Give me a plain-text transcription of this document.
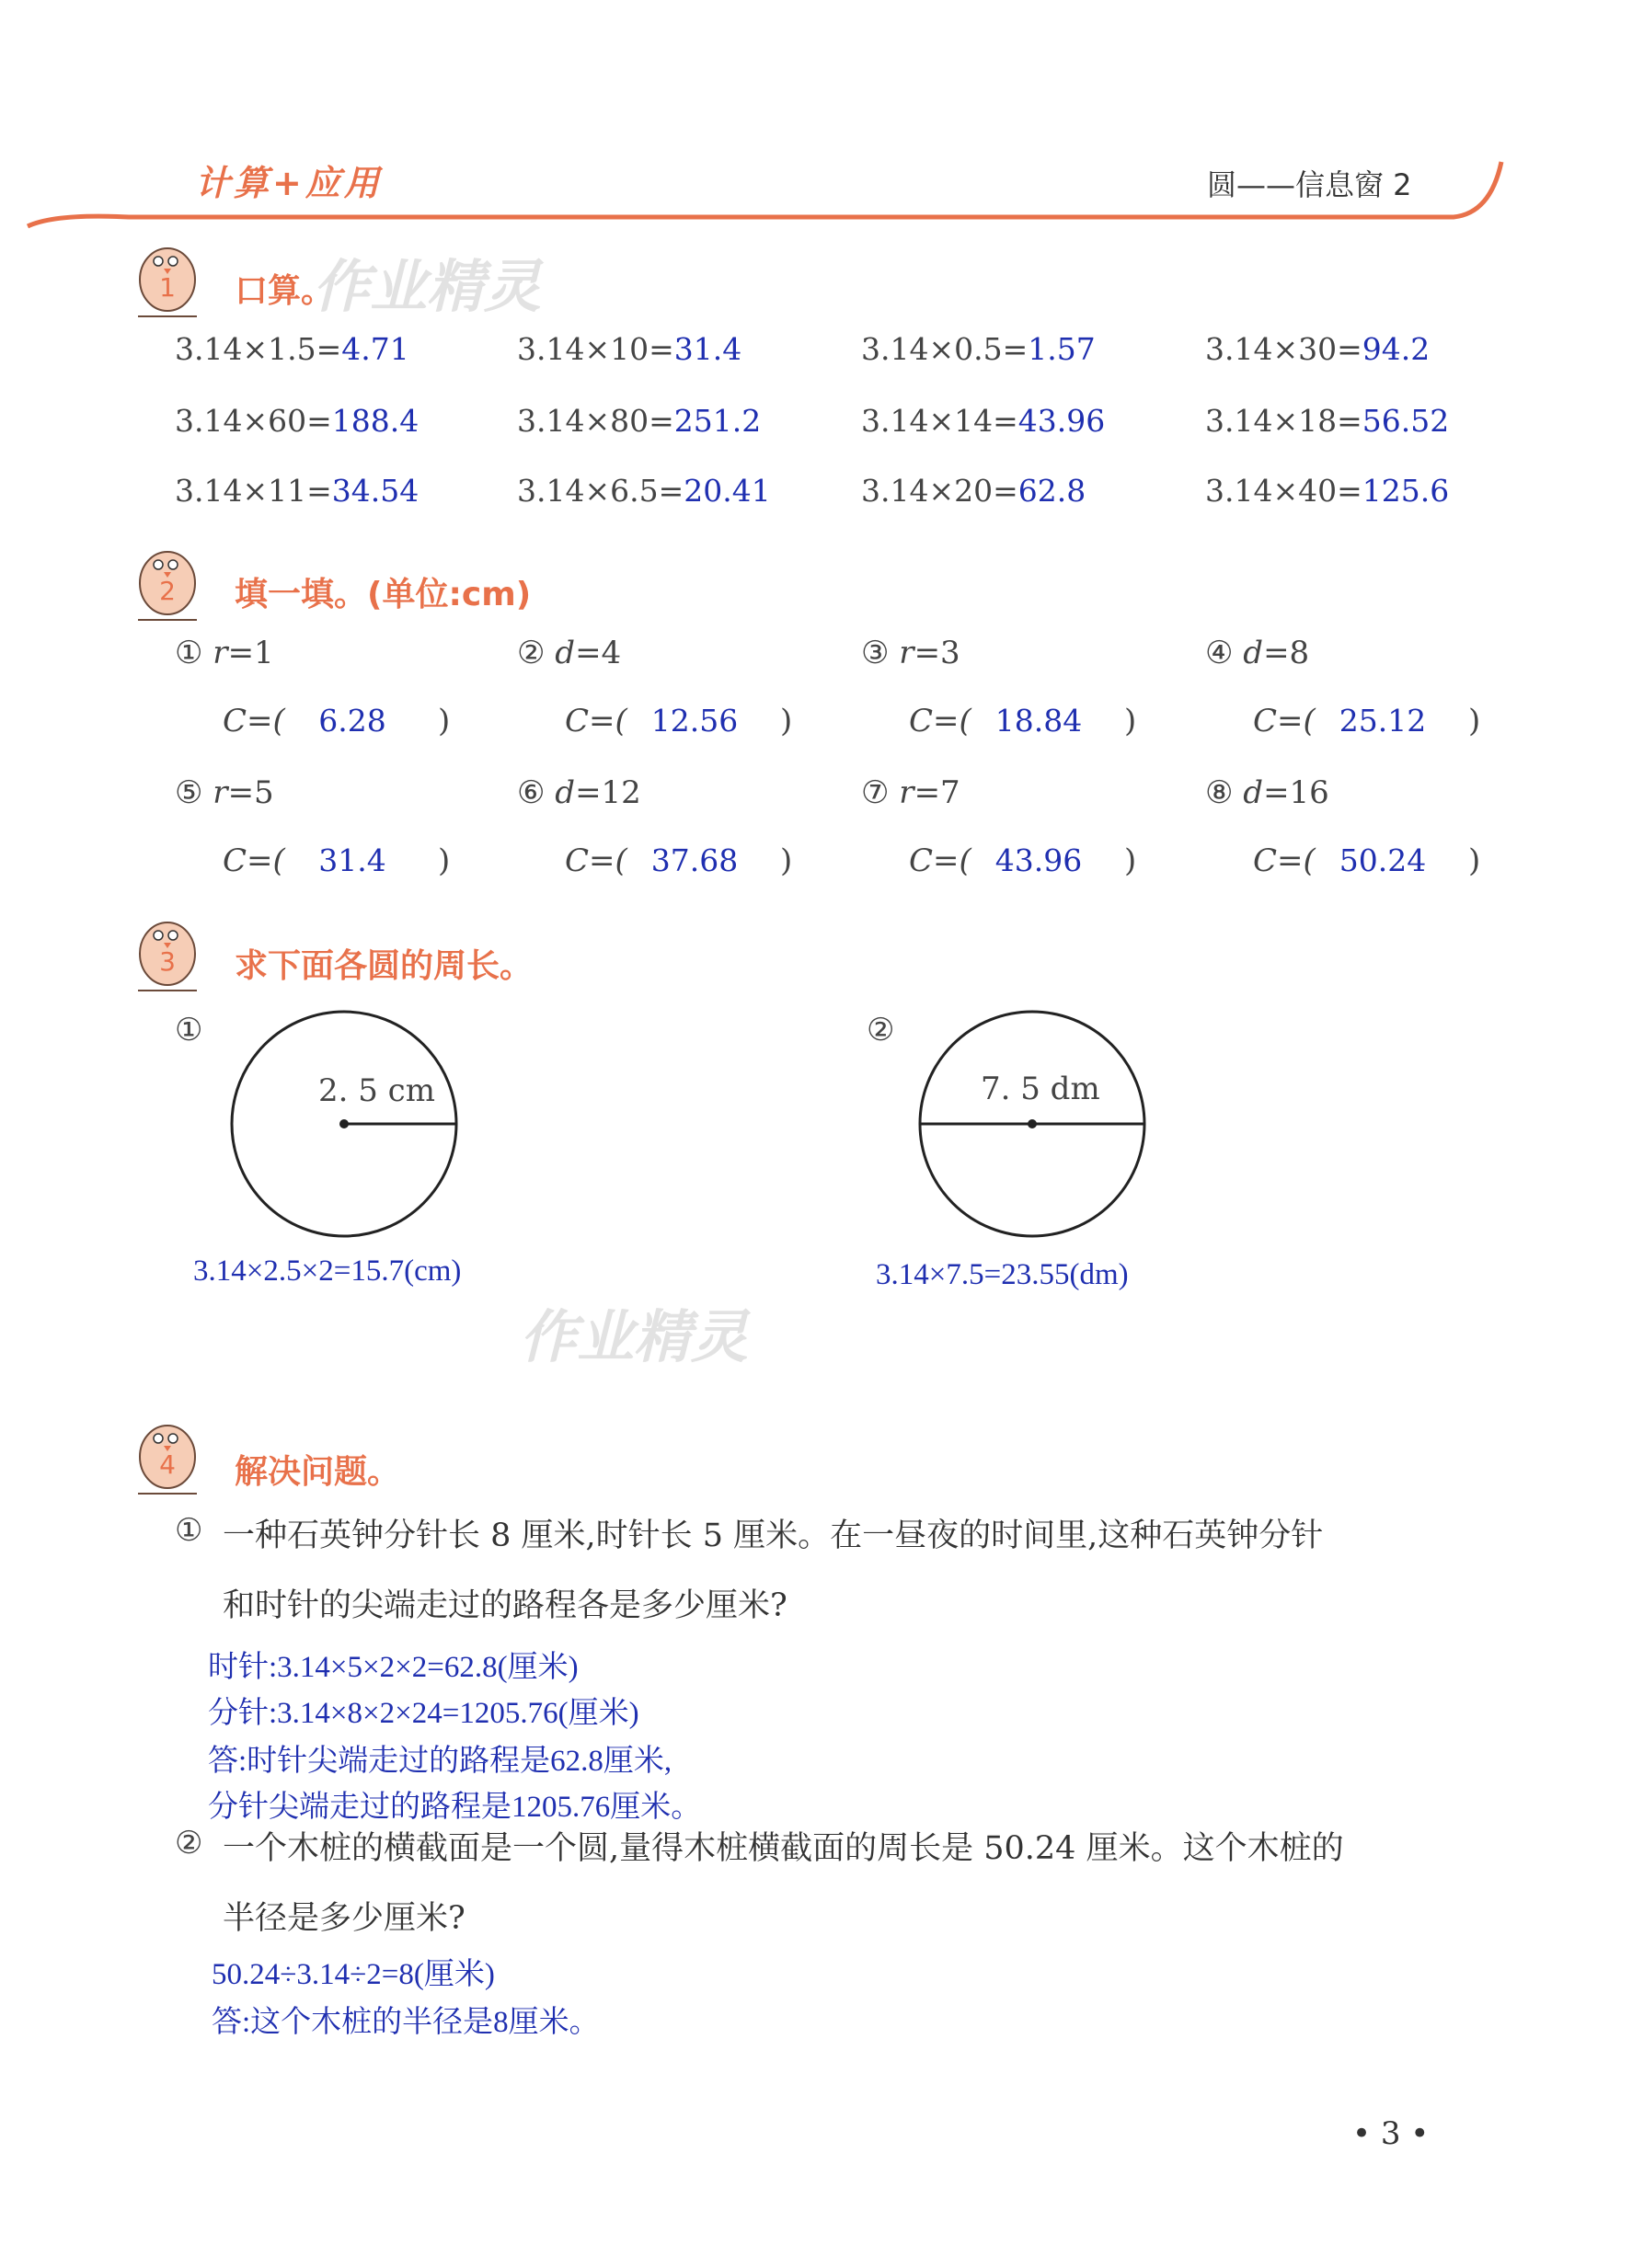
计算+应用	圆——信息窗 2
1 口算。
作业精灵
3.14×1.5=4.71	3.14×10=31.4	3.14×0.5=1.57	3.14×30=94.2
3.14×60=188.4	3.14×80=251.2	3.14×14=43.96	3.14×18=56.52
3.14×11=34.54	3.14×6.5=20.41	3.14×20=62.8	3.14×40=125.6
2 填一填。(单位:cm)
① r=1
C=(	6.28	)
② d=4
C=( 12.56	)
③ r=3
C=( 18.84	)
④ d=8
C=( 25.12	)
⑤ r=5
C=(	31.4	)
⑥ d=12
C=( 37.68	)
⑦ r=7
C=( 43.96	)
⑧ d=16
C=( 50.24	)
3 求下面各圆的周长。
①
2. 5 cm
3.14×2.5×2=15.7(cm)
②
7. 5 dm
3.14×7.5=23.55(dm)
作业精灵
4 解决问题。
① 一种石英钟分针长 8 厘米,时针长 5 厘米。在一昼夜的时间里,这种石英钟分针
和时针的尖端走过的路程各是多少厘米?
时针:3.14×5×2×2=62.8(厘米)
分针:3.14×8×2×24=1205.76(厘米)
答:时针尖端走过的路程是62.8厘米,
分针尖端走过的路程是1205.76厘米。
② 一个木桩的横截面是一个圆,量得木桩横截面的周长是 50.24 厘米。这个木桩的
半径是多少厘米?
50.24÷3.14÷2=8(厘米)
答:这个木桩的半径是8厘米。
• 3 •
